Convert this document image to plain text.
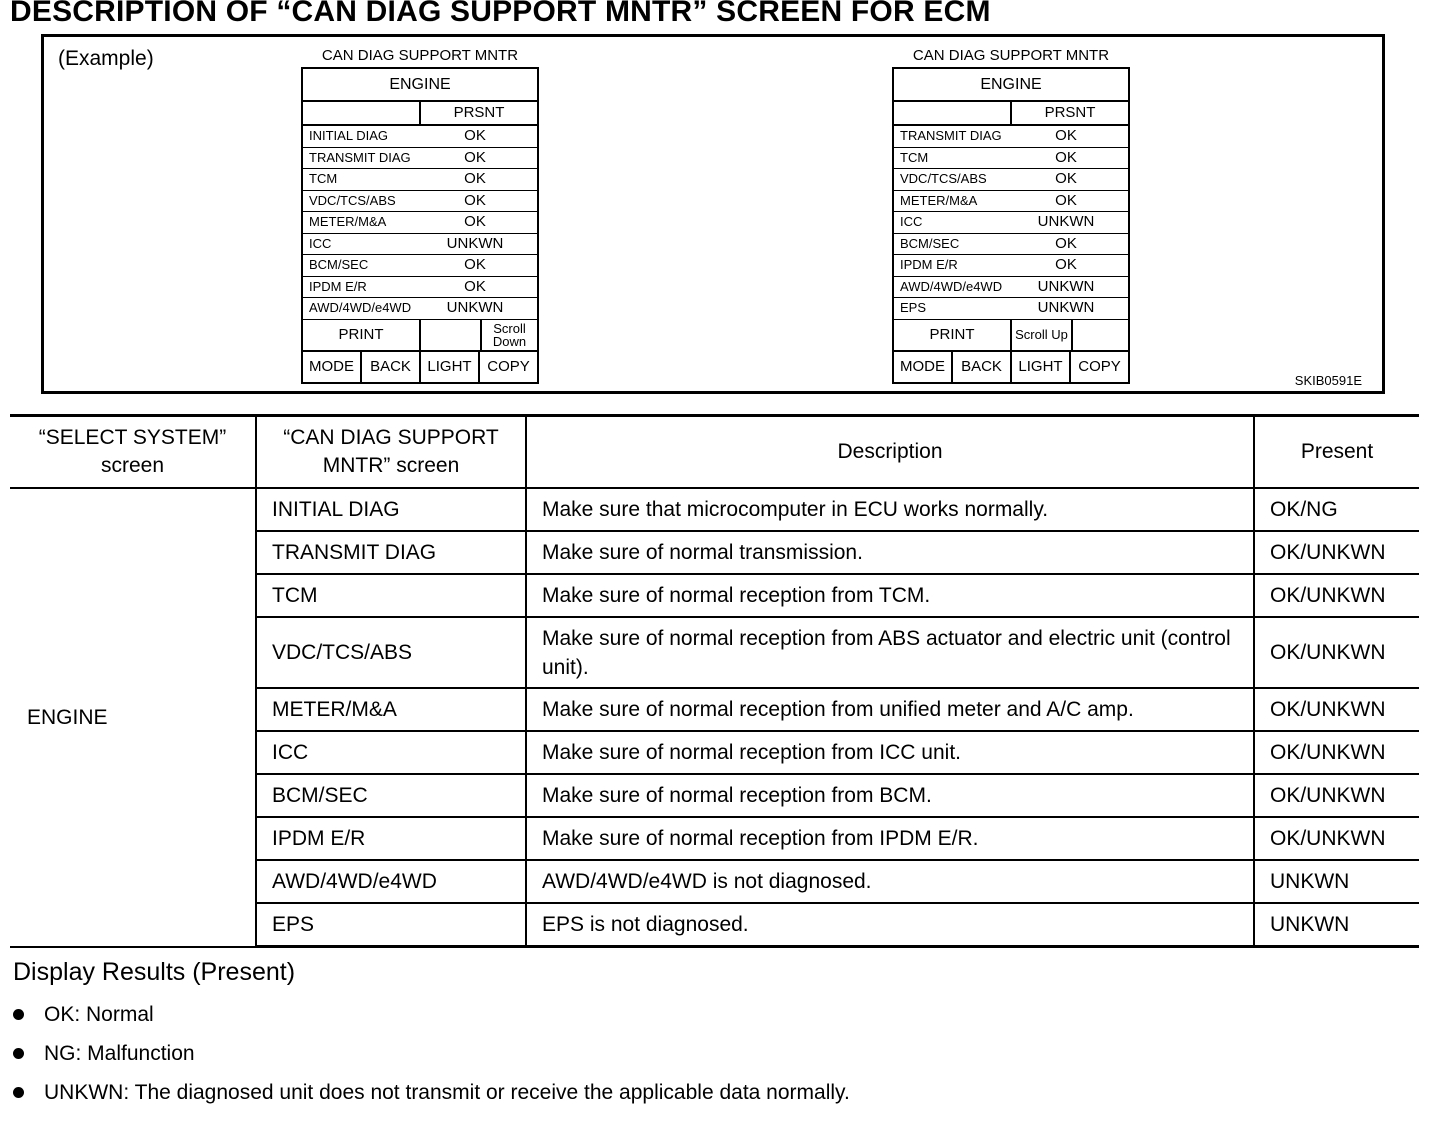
DESCRIPTION OF “CAN DIAG SUPPORT MNTR” SCREEN FOR ECM
(Example)	CAN DIAG SUPPORT MNTR
ENGINE
PRSNT
INITIAL DIAG	OK
TRANSMIT DIAG	OK
TCM	OK
VDC/TCS/ABS	OK
METER/M&A	OK
ICC	UNKWN
BCM/SEC	OK
IPDM E/R	OK
AWD/4WD/e4WD	UNKWN
PRINT	Scroll Down
MODE	BACK	LIGHT	COPY
CAN DIAG SUPPORT MNTR
ENGINE
PRSNT
TRANSMIT DIAG	OK
TCM	OK
VDC/TCS/ABS	OK
METER/M&A	OK
ICC	UNKWN
BCM/SEC	OK
IPDM E/R	OK
AWD/4WD/e4WD	UNKWN
EPS	UNKWN
PRINT	Scroll Up
MODE	BACK	LIGHT	COPY
SKIB0591E
“SELECT SYSTEM” screen	“CAN DIAG SUPPORT MNTR” screen	Description	Present
ENGINE	INITIAL DIAG	Make sure that microcomputer in ECU works normally.	OK/NG
	TRANSMIT DIAG	Make sure of normal transmission.	OK/UNKWN
	TCM	Make sure of normal reception from TCM.	OK/UNKWN
	VDC/TCS/ABS	Make sure of normal reception from ABS actuator and electric unit (control unit).	OK/UNKWN
	METER/M&A	Make sure of normal reception from unified meter and A/C amp.	OK/UNKWN
	ICC	Make sure of normal reception from ICC unit.	OK/UNKWN
	BCM/SEC	Make sure of normal reception from BCM.	OK/UNKWN
	IPDM E/R	Make sure of normal reception from IPDM E/R.	OK/UNKWN
	AWD/4WD/e4WD	AWD/4WD/e4WD is not diagnosed.	UNKWN
	EPS	EPS is not diagnosed.	UNKWN
Display Results (Present)
OK: Normal
NG: Malfunction
UNKWN: The diagnosed unit does not transmit or receive the applicable data normally.
